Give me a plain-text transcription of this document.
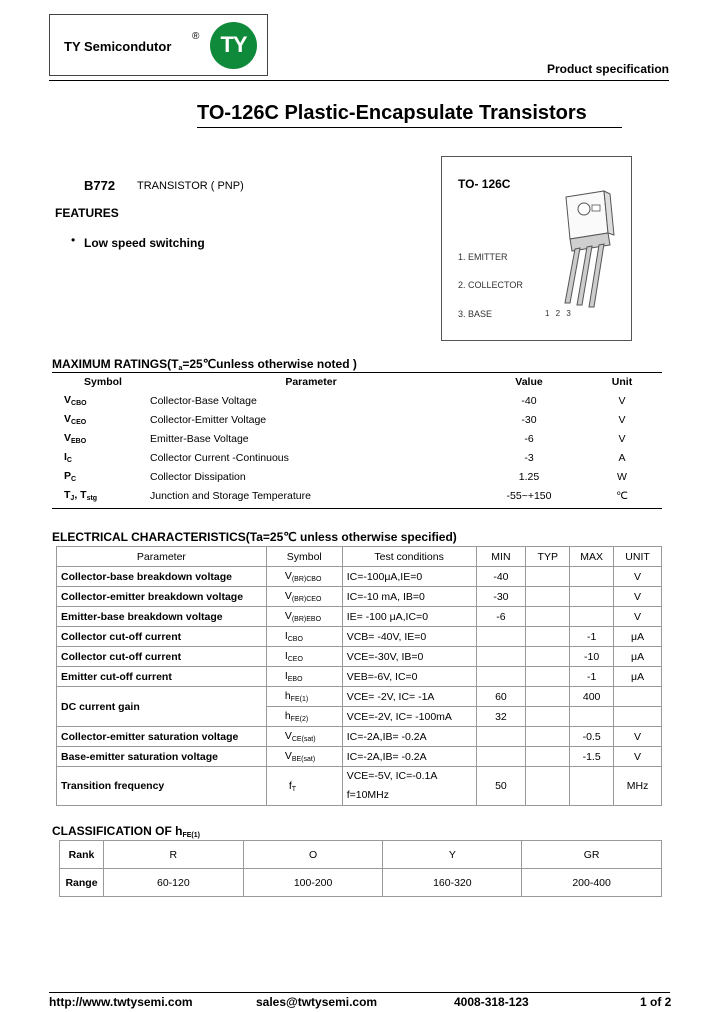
TY Semicondutor
® TY
Product specification
TO-126C Plastic-Encapsulate Transistors
B772 TRANSISTOR ( PNP)
FEATURES
• Low speed switching
TO- 126C
1. EMITTER
2. COLLECTOR
3. BASE	1 2 3
MAXIMUM $RATINGS(T_a=25℃unless$ otherwise noted )
Symbol	Parameter	Value	Unit
$V_{CBO}$	Collector-Base Voltage	-40	V
$V_{CEO}$	Collector-Emitter Voltage	-30	V
$V_{EBO}$	Emitter-Base Voltage	-6	V
$I_C$	Collector Current -Continuous	-3	A
$P_C$	Collector Dissipation	1.25	W
$T_J$, $T_{stg}$	Junction and Storage Temperature	-55~+150	℃
ELECTRICAL CHARACTERISTICS(Ta=25℃ unless otherwise specified)
Parameter	Symbol	Test conditions	MIN	TYP	MAX	UNIT
Collector-base breakdown voltage	$V_{(BR)CBO}$	IC=-100μA,IE=0	-40			V
Collector-emitter breakdown voltage	$V_{(BR)CEO}$	IC=-10 mA, IB=0	-30			V
Emitter-base breakdown voltage	$V_{(BR)EBO}$	IE= -100 μA,IC=0	-6			V
Collector cut-off current	$I_{CBO}$	VCB= -40V, IE=0			-1	μA
Collector cut-off current	$I_{CEO}$	VCE=-30V, IB=0			-10	μA
Emitter cut-off current	$I_{EBO}$	VEB=-6V, IC=0			-1	μA
DC current gain	$h_{FE(1)}$	VCE= -2V, IC= -1A	60		400	
	$h_{FE(2)}$	VCE=-2V, IC= -100mA	32			
Collector-emitter saturation voltage	$V_{CE(sat)}$	IC=-2A,IB= -0.2A			-0.5	V
Base-emitter saturation voltage	$V_{BE(sat)}$	IC=-2A,IB= -0.2A			-1.5	V
Transition frequency	$f_T$	VCE=-5V, IC=-0.1A
f=10MHz	50			MHz
CLASSIFICATION OF $h_{FE(1)}$
Rank	R	O	Y	GR
Range	60-120	100-200	160-320	200-400
http://www.twtysemi.com	sales@twtysemi.com	4008-318-123	1 of 2
